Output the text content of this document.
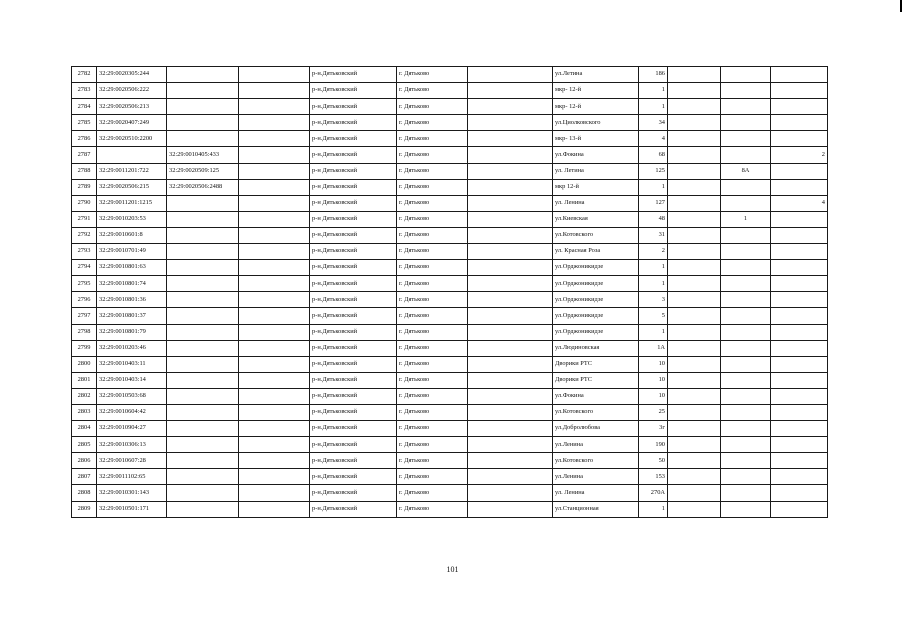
2782	32:29:0020305:244			р-н.Дятьковский	г. Дятьково		ул.Летина	186			
2783	32:29:0020506:222			р-н.Дятьковский	г. Дятьково		мкр- 12-й	1			
2784	32:29:0020506:213			р-н.Дятьковский	г. Дятьково		мкр- 12-й	1			
2785	32:29:0020407:249			р-н.Дятьковский	г. Дятьково		ул.Циолковского	34			
2786	32:29:0020510:2200			р-н.Дятьковский	г. Дятьково		мкр- 13-й	4			
2787		32:29:0010405:433		р-н.Дятьковский	г. Дятьково		ул.Фокина	68			2
2788	32:29:0011201:722	32:29:0020509:125		р-н Дятьковский	г. Дятьково		ул. Летина	125		8А	
2789	32:29:0020506:215	32:29:0020506:2488		р-н Дятьковский	г. Дятьково		мкр 12-й	1			
2790	32:29:0011201:1215			р-н Дятьковский	г. Дятьково		ул. Ленина	127			4
2791	32:29:0010203:53			р-н Дятьковский	г. Дятьково		ул.Киевская	48		1	
2792	32:29:0010601:8			р-н.Дятьковский	г. Дятьково		ул.Котовского	31			
2793	32:29:0010701:49			р-н.Дятьковский	г. Дятьково		ул. Красная Роза	2			
2794	32:29:0010801:63			р-н.Дятьковский	г. Дятьково		ул.Орджоникидзе	1			
2795	32:29:0010801:74			р-н.Дятьковский	г. Дятьково		ул.Орджоникидзе	1			
2796	32:29:0010801:36			р-н.Дятьковский	г. Дятьково		ул.Орджоникидзе	3			
2797	32:29:0010801:37			р-н.Дятьковский	г. Дятьково		ул.Орджоникидзе	5			
2798	32:29:0010801:79			р-н.Дятьковский	г. Дятьково		ул.Орджоникидзе	1			
2799	32:29:0010203:46			р-н.Дятьковский	г. Дятьково		ул.Людиновская	1А			
2800	32:29:0010403:11			р-н.Дятьковский	г. Дятьково		Дворики РТС	10			
2801	32:29:0010403:14			р-н.Дятьковский	г. Дятьково		Дворики РТС	10			
2802	32:29:0010503:68			р-н.Дятьковский	г. Дятьково		ул.Фокина	10			
2803	32:29:0010604:42			р-н.Дятьковский	г. Дятьково		ул.Котовского	25			
2804	32:29:0010904:27			р-н.Дятьковский	г. Дятьково		ул.Добролюбова	3г			
2805	32:29:0010306:13			р-н.Дятьковский	г. Дятьково		ул.Ленина	190			
2806	32:29:0010607:28			р-н.Дятьковский	г. Дятьково		ул.Котовского	50			
2807	32:29:0011102:65			р-н.Дятьковский	г. Дятьково		ул.Ленина	153			
2808	32:29:0010301:143			р-н.Дятьковский	г. Дятьково		ул. Ленина	270А			
2809	32:29:0010501:171			р-н.Дятьковский	г. Дятьково		ул.Станционная	1			
101
